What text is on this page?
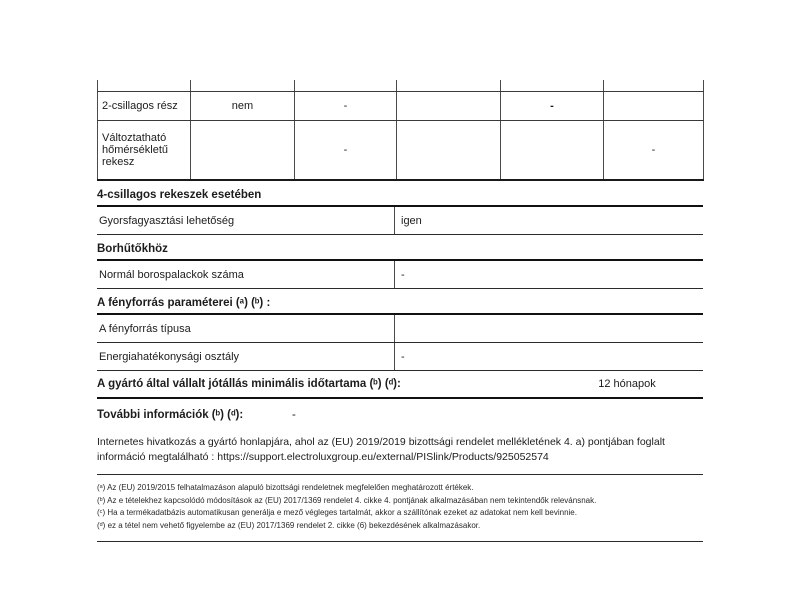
2-csillagos rész	nem	-		-	
Változtatható hőmérsékletű rekesz		-			-
4-csillagos rekeszek esetében
Gyorsfagyasztási lehetőség	igen
Borhűtőkhöz
Normál borospalackok száma	-
A fényforrás paraméterei (ᵃ) (ᵇ) :
A fényforrás típusa
Energiahatékonysági osztály	-
A gyártó által vállalt jótállás minimális időtartama (ᵇ) (ᵈ):	12 hónapok
További információk (ᵇ) (ᵈ):	-
Internetes hivatkozás a gyártó honlapjára, ahol az (EU) 2019/2019 bizottsági rendelet mellékletének 4. a) pontjában foglalt információ megtalálható : https://support.electroluxgroup.eu/external/PISlink/Products/925052574
(ᵃ) Az (EU) 2019/2015 felhatalmazáson alapuló bizottsági rendeletnek megfelelően meghatározott értékek.
(ᵇ) Az e tételekhez kapcsolódó módosítások az (EU) 2017/1369 rendelet 4. cikke 4. pontjának alkalmazásában nem tekintendők relevánsnak.
(ᶜ) Ha a termékadatbázis automatikusan generálja e mező végleges tartalmát, akkor a szállítónak ezeket az adatokat nem kell bevinnie.
(ᵈ) ez a tétel nem vehető figyelembe az (EU) 2017/1369 rendelet 2. cikke (6) bekezdésének alkalmazásakor.
